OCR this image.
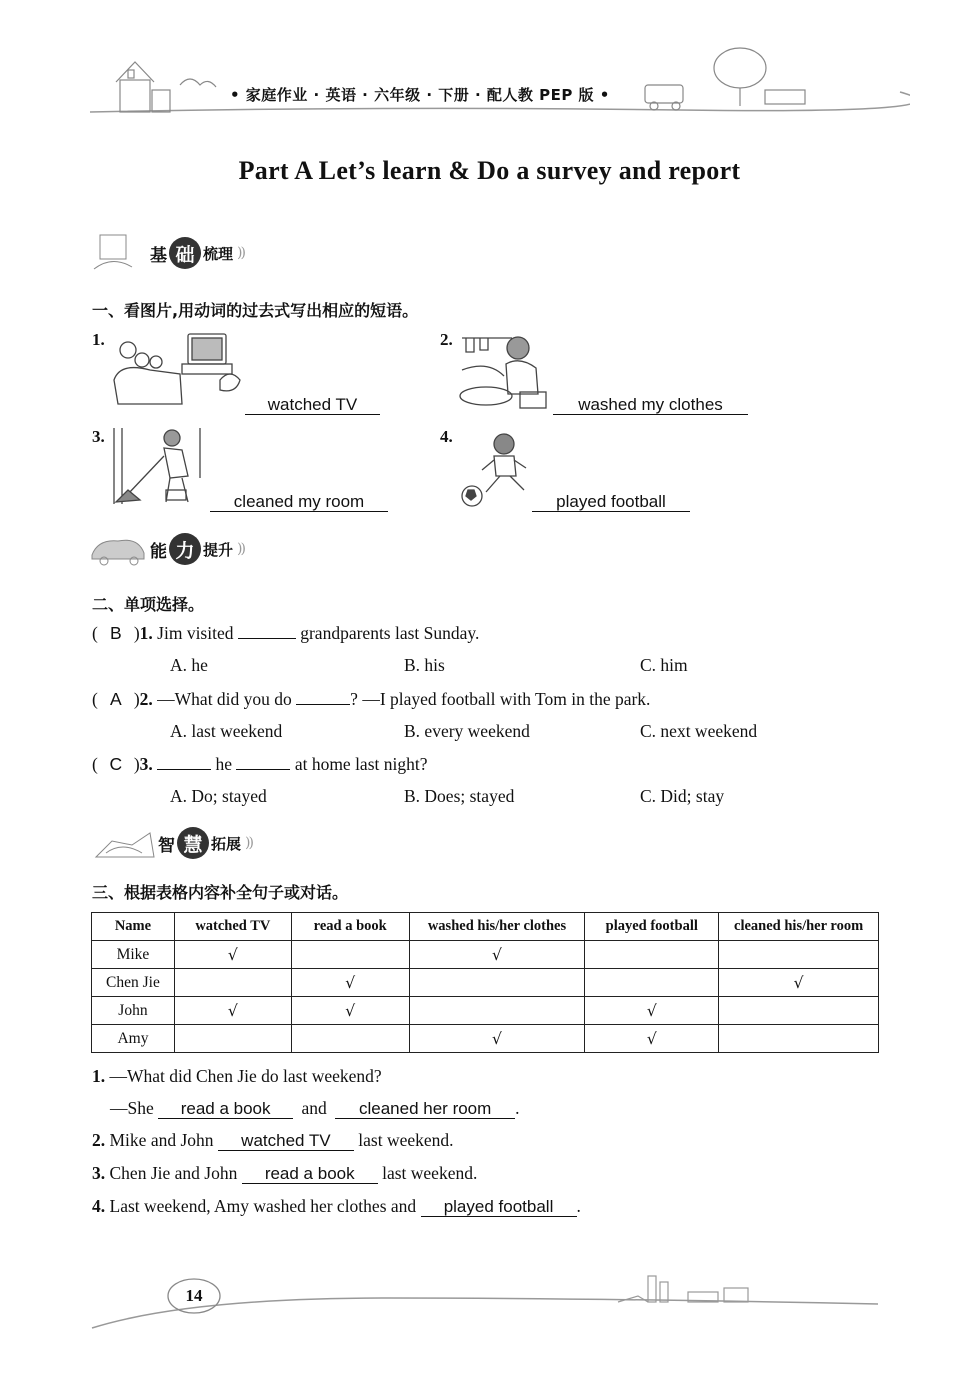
• 家庭作业 · 英语 · 六年级 · 下册 · 配人教 PEP 版 •
Part A Let’s learn & Do a survey and report
基 础 梳理 ))
一、看图片,用动词的过去式写出相应的短语。
1.
watched TV
2.
washed my clothes
3.
cleaned my room
4.
played football
能 力 提升 ))
二、单项选择。
( B )1. Jim visited	grandparents last Sunday.
A. he	B. his	C. him
( A )2. —What did you do	? —I played football with Tom in the park.
A. last weekend	B. every weekend	C. next weekend
( C )3.	he	at home last night?
A. Do; stayed	B. Does; stayed	C. Did; stay
智 慧 拓展 ))
三、根据表格内容补全句子或对话。
Name	watched TV	read a book	washed his/her clothes	played football	cleaned his/her room
Mike	√		√		
Chen Jie		√			√
John	√	√		√	
Amy			√	√	
1. —What did Chen Jie do last weekend?
—She read a book and cleaned her room .
2. Mike and John watched TV last weekend.
3. Chen Jie and John read a book last weekend.
4. Last weekend, Amy washed her clothes and played football .
14
